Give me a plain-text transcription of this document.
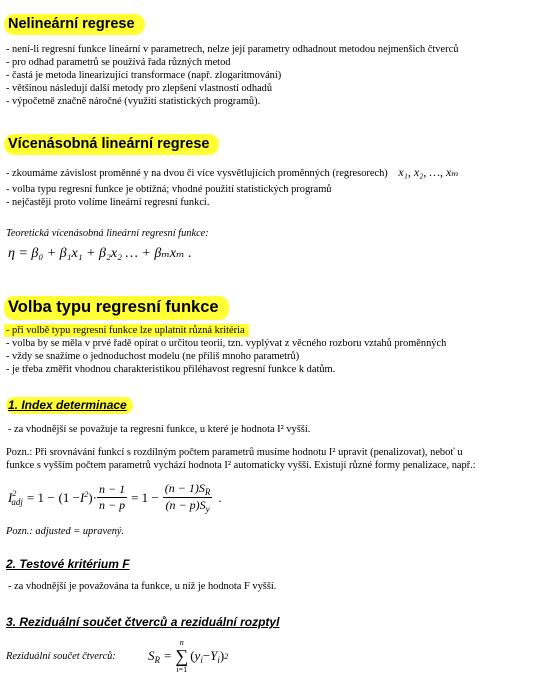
Nelineární regrese
- není-li regresní funkce lineární v parametrech, nelze její parametry odhadnout metodou nejmenších čtverců
- pro odhad parametrů se používá řada různých metod
- častá je metoda linearizující transformace (např. zlogaritmování)
- většinou následují další metody pro zlepšení vlastností odhadů
- výpočetně značně náročné (využití statistických programů).
Vícenásobná lineární regrese
- zkoumáme závislost proměnné y na dvou či více vysvětlujících proměnných (regresorech) x₁, x₂, …, xₘ
- volba typu regresní funkce je obtížná; vhodné použití statistických programů
- nejčastěji proto volíme lineární regresní funkci.
Teoretická vícenásobná lineární regresní funkce:
η = β₀ + β₁x₁ + β₂x₂ … + βₘxₘ .
Volba typu regresní funkce
- při volbě typu regresní funkce lze uplatnit různá kritéria
- volba by se měla v prvé řadě opírat o určitou teorii, tzn. vyplývat z věcného rozboru vztahů proměnných
- vždy se snažíme o jednoduchost modelu (ne příliš mnoho parametrů)
- je třeba změřit vhodnou charakteristikou přiléhavost regresní funkce k datům.
1. Index determinace
- za vhodnější se považuje ta regresní funkce, u které je hodnota I² vyšší.
Pozn.: Při srovnávání funkcí s rozdílným počtem parametrů musíme hodnotu I² upravit (penalizovat), neboť u
funkce s vyšším počtem parametrů vychází hodnota I² automaticky vyšší. Existují různé formy penalizace, např.:
$I^2_{adj} = 1 - (1 - I^2$ )· $\frac{n - 1}{n - p} = 1 - \frac{(n - 1)S_R}{(n - p)S_y}$ .
Pozn.: adjusted = upravený.
2. Testové kritérium F
- za vhodnější je považována ta funkce, u níž je hodnota F vyšší.
3. Reziduální součet čtverců a reziduální rozptyl
Reziduální součet čtverců: $S_R$ =
n
∑
i=1
( $y_i - Y_i$ ) 2
